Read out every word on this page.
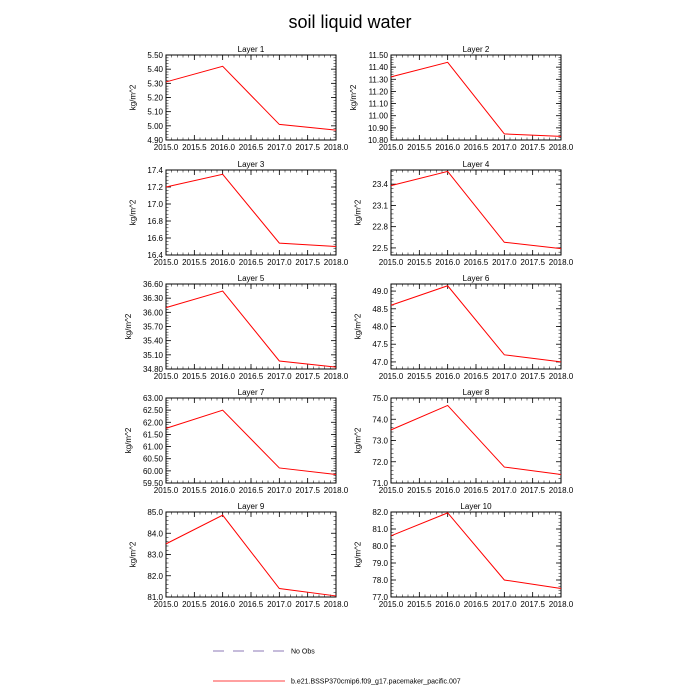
soil liquid water
Layer 1
2015.0 2015.5 2016.0 2016.5 2017.0 2017.5 2018.0
4.90
5.00
5.10
5.20
5.30
5.40
5.50
kg/m^2
Layer 2
2015.0 2015.5 2016.0 2016.5 2017.0 2017.5 2018.0
10.80
10.90
11.00
11.10
11.20
11.30
11.40
11.50
kg/m^2
Layer 3
2015.0 2015.5 2016.0 2016.5 2017.0 2017.5 2018.0
16.4
16.6
16.8
17.0
17.2
17.4
kg/m^2
Layer 4
2015.0 2015.5 2016.0 2016.5 2017.0 2017.5 2018.0
22.5
22.8
23.1
23.4
kg/m^2
Layer 5
2015.0 2015.5 2016.0 2016.5 2017.0 2017.5 2018.0
34.80
35.10
35.40
35.70
36.00
36.30
36.60
kg/m^2
Layer 6
2015.0 2015.5 2016.0 2016.5 2017.0 2017.5 2018.0
47.0
47.5
48.0
48.5
49.0
kg/m^2
Layer 7
2015.0 2015.5 2016.0 2016.5 2017.0 2017.5 2018.0
59.50
60.00
60.50
61.00
61.50
62.00
62.50
63.00
kg/m^2
Layer 8
2015.0 2015.5 2016.0 2016.5 2017.0 2017.5 2018.0
71.0
72.0
73.0
74.0
75.0
kg/m^2
Layer 9
2015.0 2015.5 2016.0 2016.5 2017.0 2017.5 2018.0
81.0
82.0
83.0
84.0
85.0
kg/m^2
Layer 10
2015.0 2015.5 2016.0 2016.5 2017.0 2017.5 2018.0
77.0
78.0
79.0
80.0
81.0
82.0
kg/m^2
No Obs
b.e21.BSSP370cmip6.f09_g17.pacemaker_pacific.007
